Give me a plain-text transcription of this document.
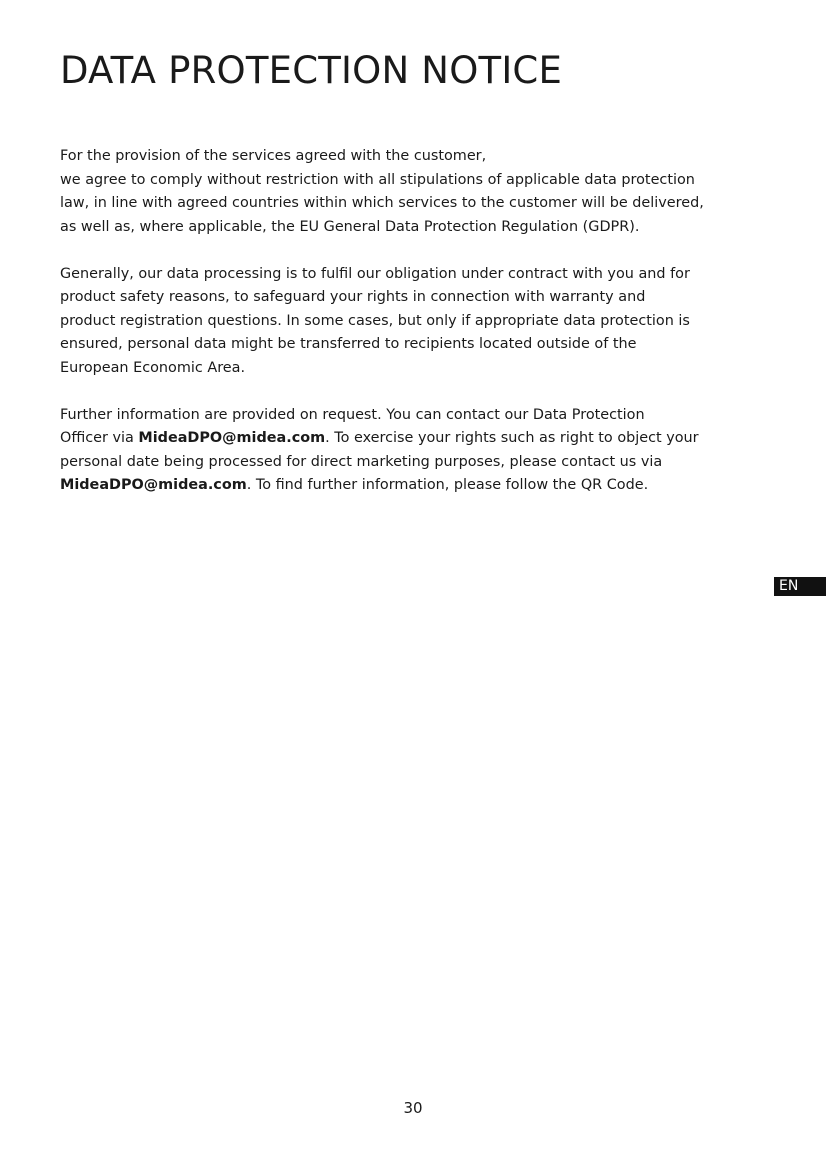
DATA PROTECTION NOTICE

For the provision of the services agreed with the customer,
we agree to comply without restriction with all stipulations of applicable data protection
law, in line with agreed countries within which services to the customer will be delivered,
as well as, where applicable, the EU General Data Protection Regulation (GDPR).

Generally, our data processing is to fulfil our obligation under contract with you and for
product safety reasons, to safeguard your rights in connection with warranty and
product registration questions. In some cases, but only if appropriate data protection is
ensured, personal data might be transferred to recipients located outside of the
European Economic Area.

Further information are provided on request. You can contact our Data Protection
Officer via MideaDPO@midea.com. To exercise your rights such as right to object your
personal date being processed for direct marketing purposes, please contact us via
MideaDPO@midea.com. To find further information, please follow the QR Code.

EN
30
